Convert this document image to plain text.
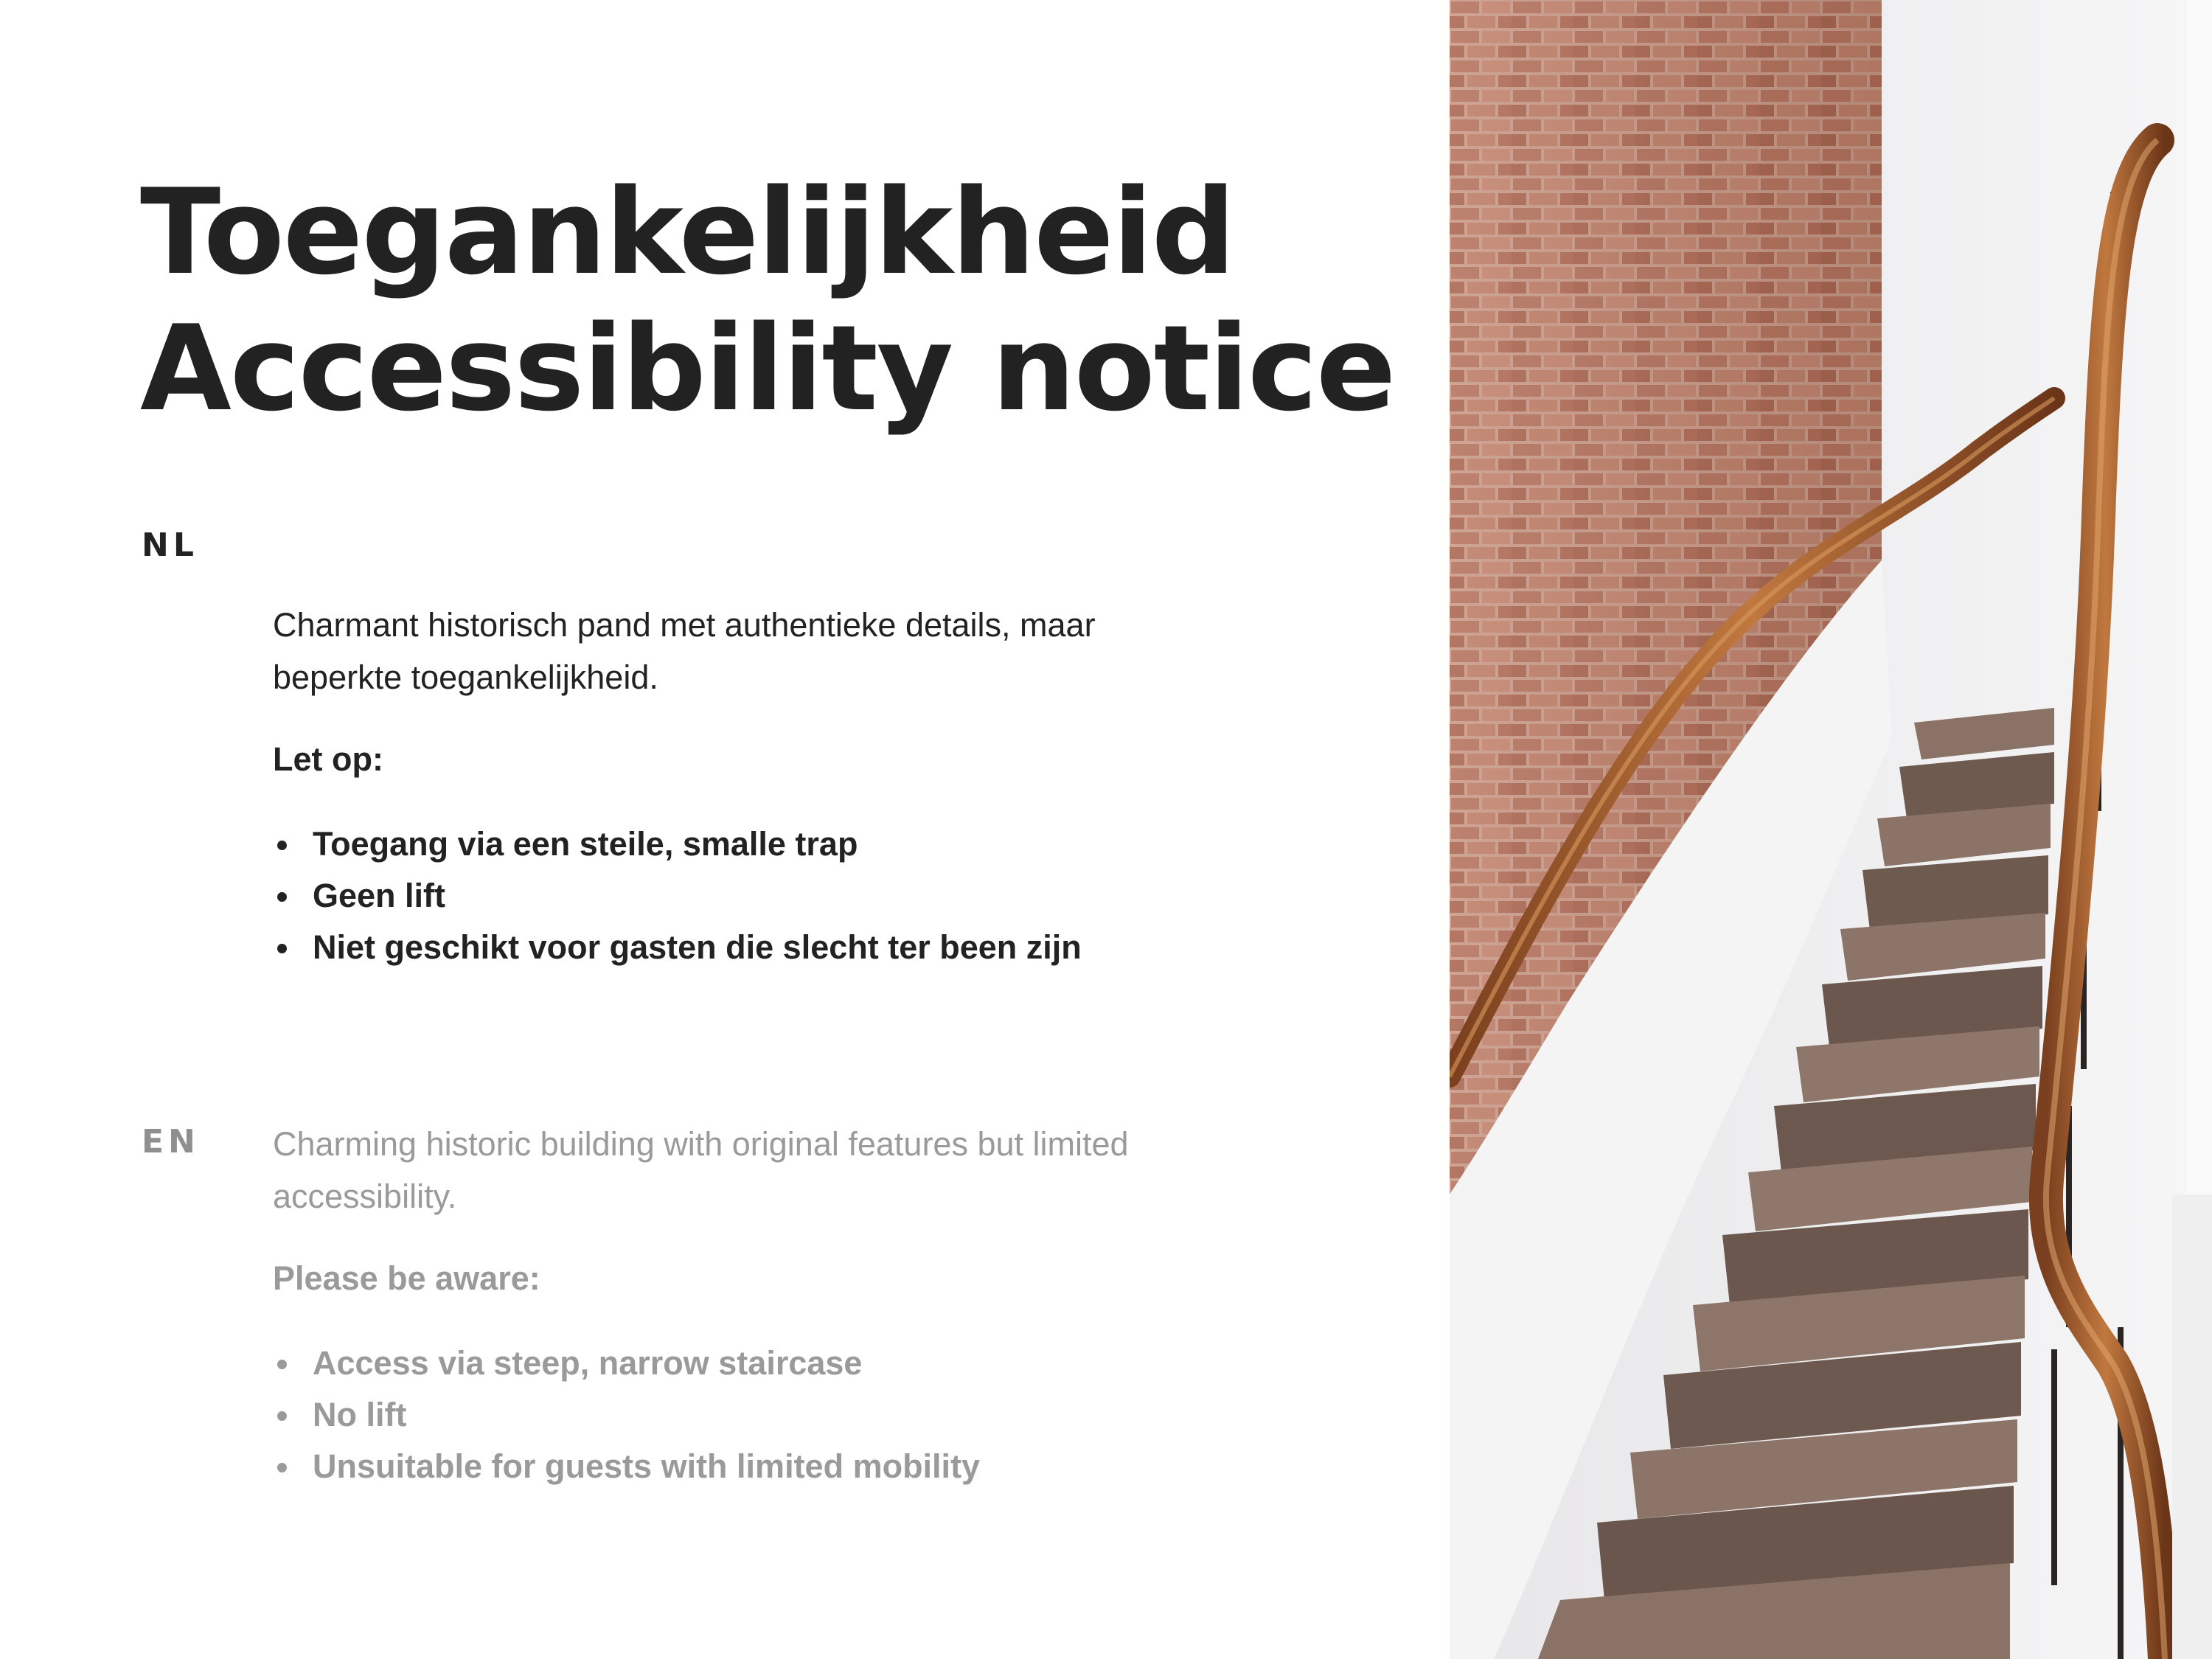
Toegankelijkheid
Accessibility notice
NL

Charmant historisch pand met authentieke details, maar beperkte toegankelijkheid.

Let op:

Toegang via een steile, smalle trap
Geen lift
Niet geschikt voor gasten die slecht ter been zijn
EN Charming historic building with original features but limited accessibility.

Please be aware:

Access via steep, narrow staircase
No lift
Unsuitable for guests with limited mobility
